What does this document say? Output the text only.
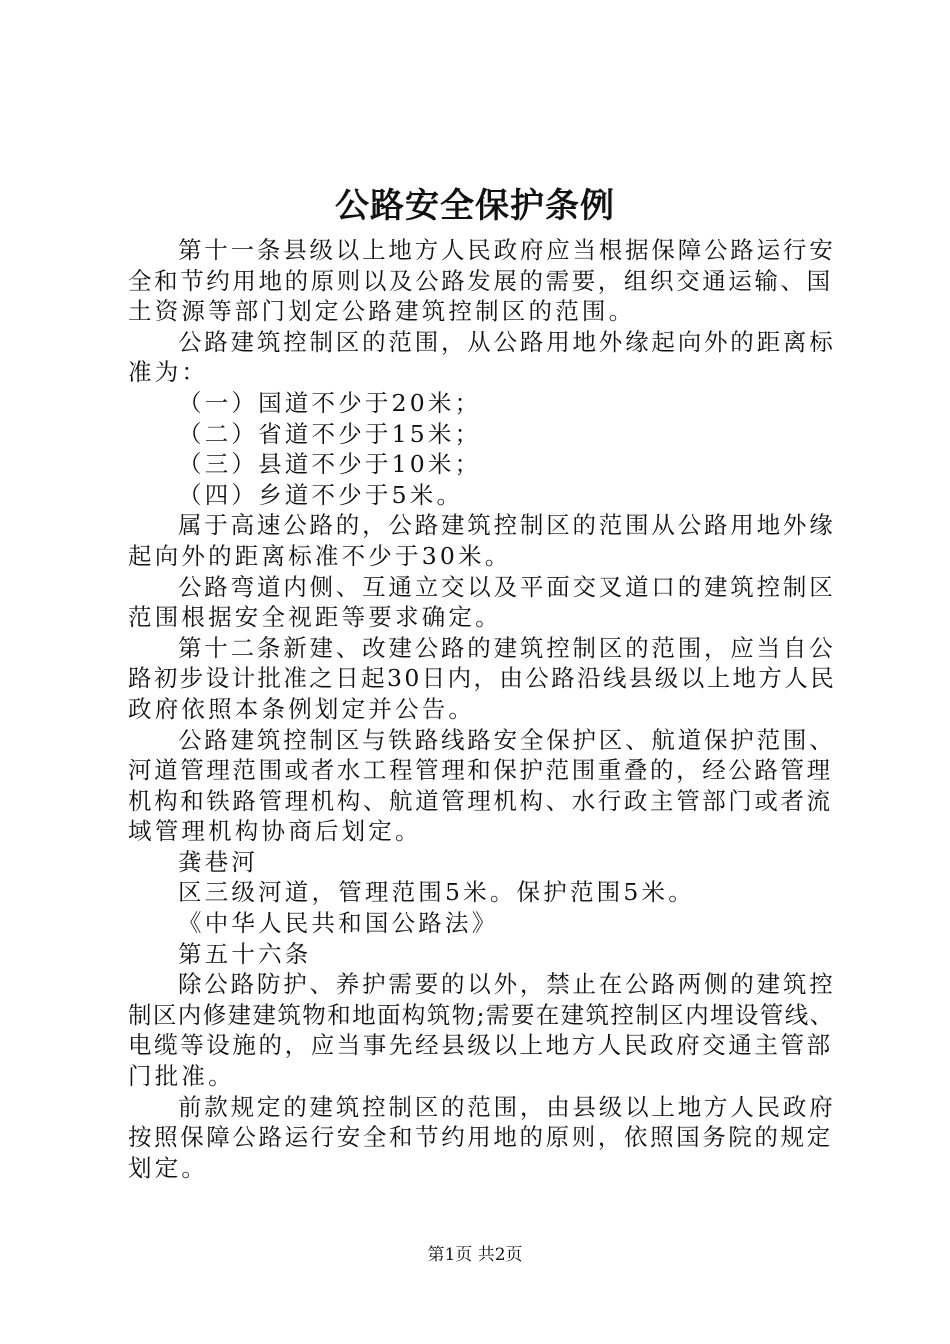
公路安全保护条例
第十一条县级以上地方人民政府应当根据保障公路运行安
全和节约用地的原则以及公路发展的需要，组织交通运输、国
土资源等部门划定公路建筑控制区的范围。
公路建筑控制区的范围，从公路用地外缘起向外的距离标
准为：
（一）国道不少于20米；
（二）省道不少于15米；
（三）县道不少于10米；
（四）乡道不少于5米。
属于高速公路的，公路建筑控制区的范围从公路用地外缘
起向外的距离标准不少于30米。
公路弯道内侧、互通立交以及平面交叉道口的建筑控制区
范围根据安全视距等要求确定。
第十二条新建、改建公路的建筑控制区的范围，应当自公
路初步设计批准之日起30日内，由公路沿线县级以上地方人民
政府依照本条例划定并公告。
公路建筑控制区与铁路线路安全保护区、航道保护范围、
河道管理范围或者水工程管理和保护范围重叠的，经公路管理
机构和铁路管理机构、航道管理机构、水行政主管部门或者流
域管理机构协商后划定。
龚巷河
区三级河道，管理范围5米。保护范围5米。
《中华人民共和国公路法》
第五十六条
除公路防护、养护需要的以外，禁止在公路两侧的建筑控
制区内修建建筑物和地面构筑物;需要在建筑控制区内埋设管线、
电缆等设施的，应当事先经县级以上地方人民政府交通主管部
门批准。
前款规定的建筑控制区的范围，由县级以上地方人民政府
按照保障公路运行安全和节约用地的原则，依照国务院的规定
划定。
第1页 共2页
